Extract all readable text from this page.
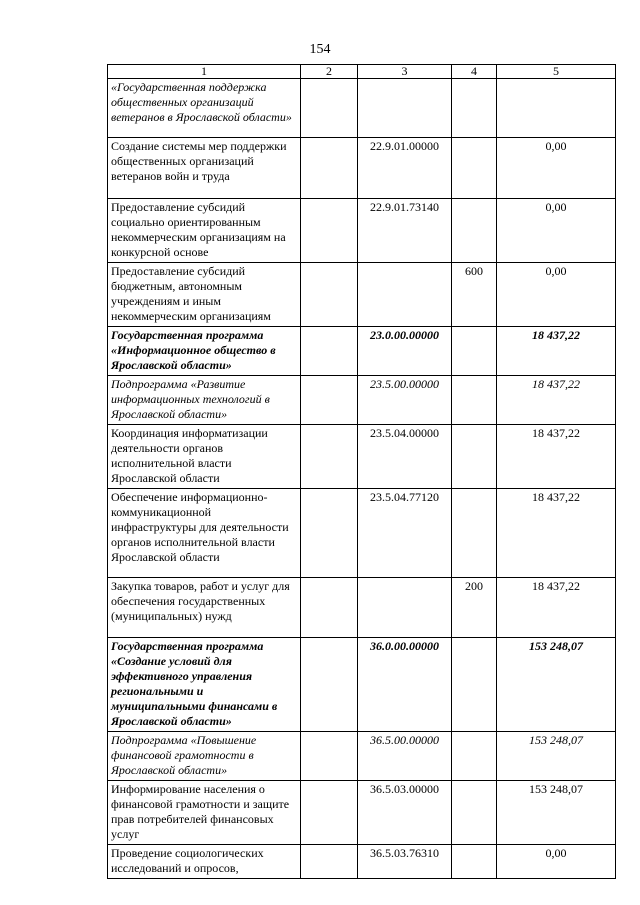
154
1	2	3	4	5
«Государственная поддержка общественных организаций ветеранов в Ярославской области»				
Создание системы мер поддержки общественных организаций ветеранов войн и труда		22.9.01.00000		0,00
Предоставление субсидий социально ориентированным некоммерческим организациям на конкурсной основе		22.9.01.73140		0,00
Предоставление субсидий бюджетным, автономным учреждениям и иным некоммерческим организациям			600	0,00
Государственная программа «Информационное общество в Ярославской области»		23.0.00.00000		18 437,22
Подпрограмма «Развитие информационных технологий в Ярославской области»		23.5.00.00000		18 437,22
Координация информатизации деятельности органов исполнительной власти Ярославской области		23.5.04.00000		18 437,22
Обеспечение информационно-коммуникационной инфраструктуры для деятельности органов исполнительной власти Ярославской области		23.5.04.77120		18 437,22
Закупка товаров, работ и услуг для обеспечения государственных (муниципальных) нужд			200	18 437,22
Государственная программа «Создание условий для эффективного управления региональными и муниципальными финансами в Ярославской области»		36.0.00.00000		153 248,07
Подпрограмма «Повышение финансовой грамотности в Ярославской области»		36.5.00.00000		153 248,07
Информирование населения о финансовой грамотности и защите прав потребителей финансовых услуг		36.5.03.00000		153 248,07
Проведение социологических исследований и опросов,		36.5.03.76310		0,00
